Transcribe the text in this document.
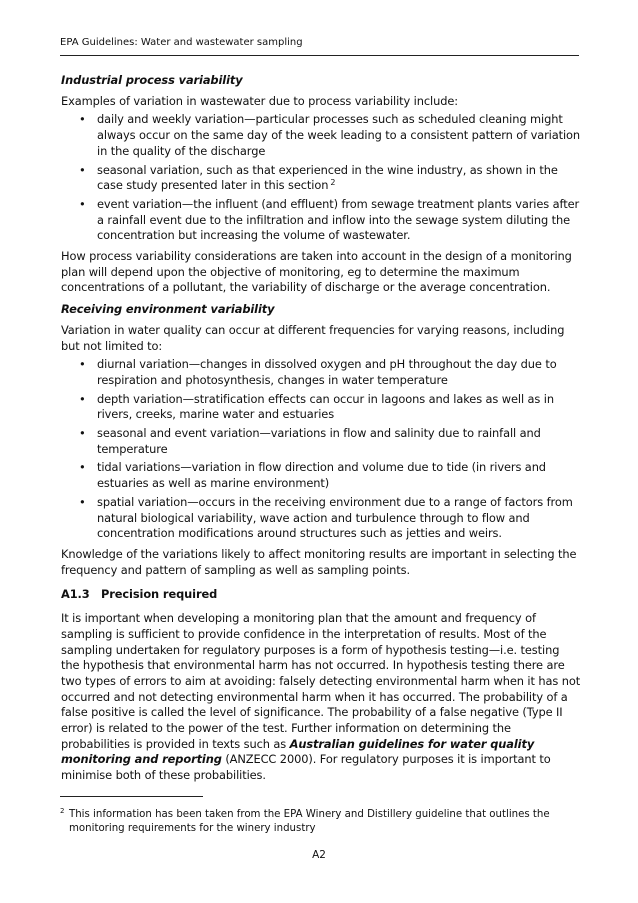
EPA Guidelines: Water and wastewater sampling

Industrial process variability

Examples of variation in wastewater due to process variability include:

• daily and weekly variation—particular processes such as scheduled cleaning might always occur on the same day of the week leading to a consistent pattern of variation in the quality of the discharge
• seasonal variation, such as that experienced in the wine industry, as shown in the case study presented later in this section $^2$
• event variation—the influent (and effluent) from sewage treatment plants varies after a rainfall event due to the infiltration and inflow into the sewage system diluting the concentration but increasing the volume of wastewater.

How process variability considerations are taken into account in the design of a monitoring plan will depend upon the objective of monitoring, eg to determine the maximum concentrations of a pollutant, the variability of discharge or the average concentration.

Receiving environment variability

Variation in water quality can occur at different frequencies for varying reasons, including but not limited to:

• diurnal variation—changes in dissolved oxygen and pH throughout the day due to respiration and photosynthesis, changes in water temperature
• depth variation—stratification effects can occur in lagoons and lakes as well as in rivers, creeks, marine water and estuaries
• seasonal and event variation—variations in flow and salinity due to rainfall and temperature
• tidal variations—variation in flow direction and volume due to tide (in rivers and estuaries as well as marine environment)
• spatial variation—occurs in the receiving environment due to a range of factors from natural biological variability, wave action and turbulence through to flow and concentration modifications around structures such as jetties and weirs.

Knowledge of the variations likely to affect monitoring results are important in selecting the frequency and pattern of sampling as well as sampling points.

A1.3 Precision required

It is important when developing a monitoring plan that the amount and frequency of sampling is sufficient to provide confidence in the interpretation of results. Most of the sampling undertaken for regulatory purposes is a form of hypothesis testing—i.e. testing the hypothesis that environmental harm has not occurred. In hypothesis testing there are two types of errors to aim at avoiding: falsely detecting environmental harm when it has not occurred and not detecting environmental harm when it has occurred. The probability of a false positive is called the level of significance. The probability of a false negative (Type II error) is related to the power of the test. Further information on determining the probabilities is provided in texts such as Australian guidelines for water quality monitoring and reporting (ANZECC 2000). For regulatory purposes it is important to minimise both of these probabilities.

2 This information has been taken from the EPA Winery and Distillery guideline that outlines the
monitoring requirements for the winery industry
A2
